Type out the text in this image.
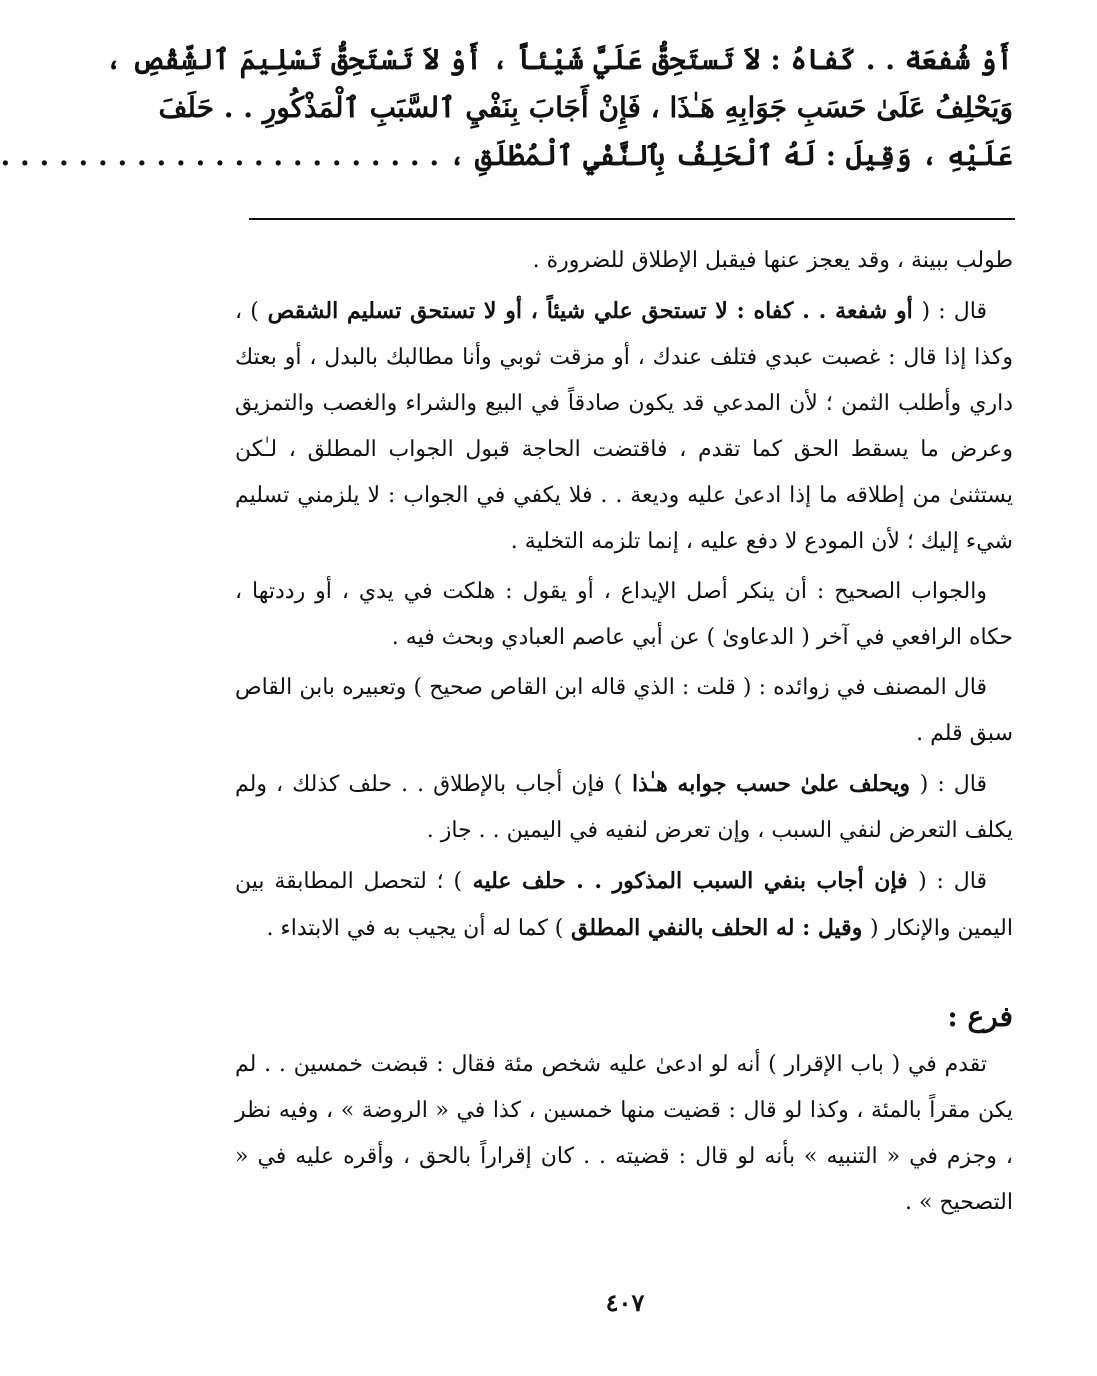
أَوْ شُفعَة . . كَفاهُ : لاَ تَستَحِقُّ عَلَيَّ شَيْئاً ، أَوْ لاَ تَسْتَحِقُّ تَسْلِيمَ ٱلشِّقْصِ ،
وَيَحْلِفُ عَلَىٰ حَسَبِ جَوَابِهِ هَـٰذَا ، فَإِنْ أَجَابَ بِنَفْيِ ٱلسَّبَبِ ٱلْمَذْكُورِ . . حَلَفَ
عَلَيْهِ ، وَقِيلَ : لَهُ ٱلْحَلِفُ بِٱلنَّفْيِ ٱلْمُطْلَقِ ، . . . . . . . . . . . . . . . . . . . . . . .

طولب ببينة ، وقد يعجز عنها فيقبل الإطلاق للضرورة .

قال : ( أو شفعة . . كفاه : لا تستحق علي شيئاً ، أو لا تستحق تسليم الشقص ) ، وكذا إذا قال : غصبت عبدي فتلف عندك ، أو مزقت ثوبي وأنا مطالبك بالبدل ، أو بعتك داري وأطلب الثمن ؛ لأن المدعي قد يكون صادقاً في البيع والشراء والغصب والتمزيق وعرض ما يسقط الحق كما تقدم ، فاقتضت الحاجة قبول الجواب المطلق ، لـٰكن يستثنىٰ من إطلاقه ما إذا ادعىٰ عليه وديعة . . فلا يكفي في الجواب : لا يلزمني تسليم شيء إليك ؛ لأن المودع لا دفع عليه ، إنما تلزمه التخلية .

والجواب الصحيح : أن ينكر أصل الإيداع ، أو يقول : هلكت في يدي ، أو رددتها ، حكاه الرافعي في آخر ( الدعاوىٰ ) عن أبي عاصم العبادي وبحث فيه .

قال المصنف في زوائده : ( قلت : الذي قاله ابن القاص صحيح ) وتعبيره بابن القاص سبق قلم .

قال : ( ويحلف علىٰ حسب جوابه هـٰذا ) فإن أجاب بالإطلاق . . حلف كذلك ، ولم يكلف التعرض لنفي السبب ، وإن تعرض لنفيه في اليمين . . جاز .

قال : ( فإن أجاب بنفي السبب المذكور . . حلف عليه ) ؛ لتحصل المطابقة بين اليمين والإنكار ( وقيل : له الحلف بالنفي المطلق ) كما له أن يجيب به في الابتداء .

فرع :

تقدم في ( باب الإقرار ) أنه لو ادعىٰ عليه شخص مئة فقال : قبضت خمسين . . لم يكن مقراً بالمئة ، وكذا لو قال : قضيت منها خمسين ، كذا في « الروضة » ، وفيه نظر ، وجزم في « التنبيه » بأنه لو قال : قضيته . . كان إقراراً بالحق ، وأقره عليه في « التصحيح » .

٤٠٧
